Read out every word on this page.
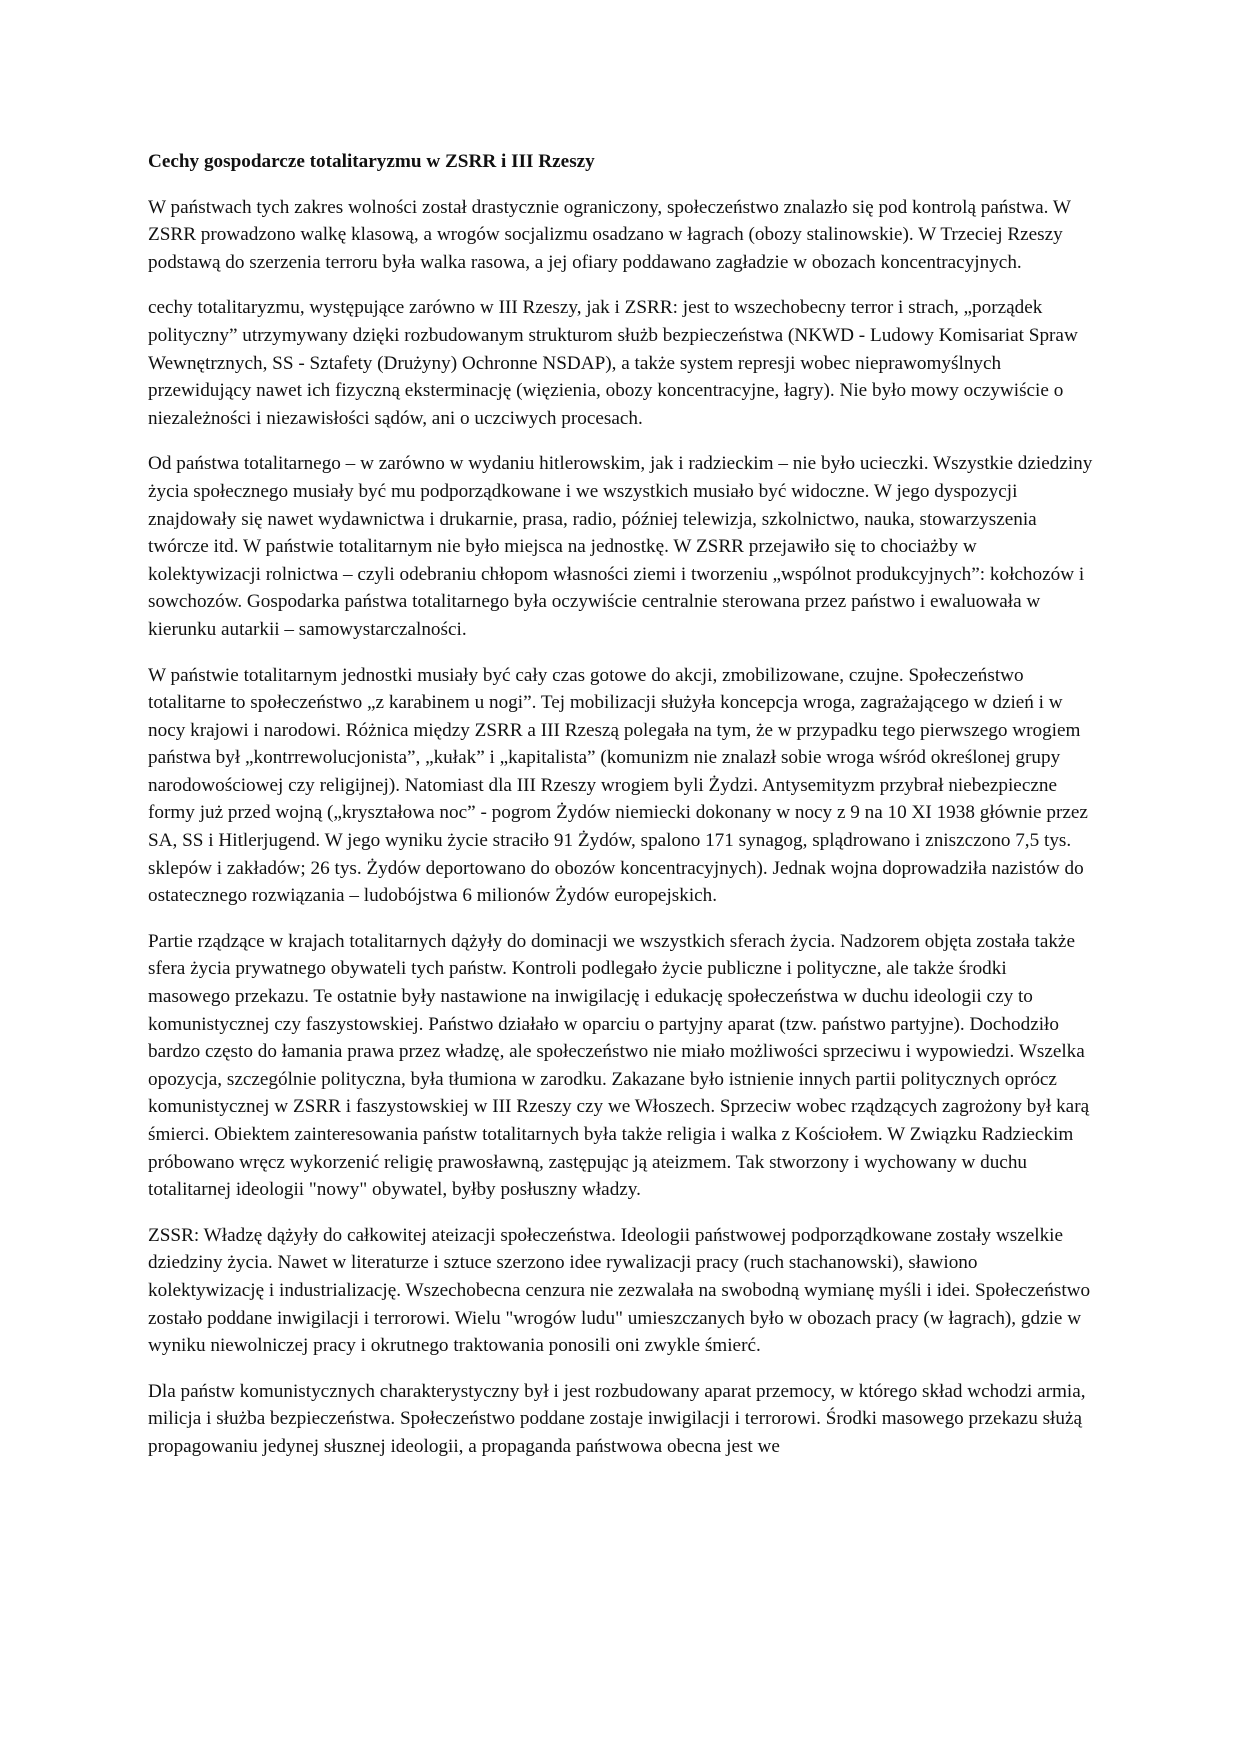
Cechy gospodarcze totalitaryzmu w ZSRR i III Rzeszy

W państwach tych zakres wolności został drastycznie ograniczony, społeczeństwo znalazło się pod kontrolą państwa. W ZSRR prowadzono walkę klasową, a wrogów socjalizmu osadzano w łagrach (obozy stalinowskie). W Trzeciej Rzeszy podstawą do szerzenia terroru była walka rasowa, a jej ofiary poddawano zagładzie w obozach koncentracyjnych.

cechy totalitaryzmu, występujące zarówno w III Rzeszy, jak i ZSRR: jest to wszechobecny terror i strach, „porządek polityczny” utrzymywany dzięki rozbudowanym strukturom służb bezpieczeństwa (NKWD - Ludowy Komisariat Spraw Wewnętrznych, SS - Sztafety (Drużyny) Ochronne NSDAP), a także system represji wobec nieprawomyślnych przewidujący nawet ich fizyczną eksterminację (więzienia, obozy koncentracyjne, łagry). Nie było mowy oczywiście o niezależności i niezawisłości sądów, ani o uczciwych procesach.

Od państwa totalitarnego – w zarówno w wydaniu hitlerowskim, jak i radzieckim – nie było ucieczki. Wszystkie dziedziny życia społecznego musiały być mu podporządkowane i we wszystkich musiało być widoczne. W jego dyspozycji znajdowały się nawet wydawnictwa i drukarnie, prasa, radio, później telewizja, szkolnictwo, nauka, stowarzyszenia twórcze itd. W państwie totalitarnym nie było miejsca na jednostkę. W ZSRR przejawiło się to chociażby w kolektywizacji rolnictwa – czyli odebraniu chłopom własności ziemi i tworzeniu „wspólnot produkcyjnych”: kołchozów i sowchozów. Gospodarka państwa totalitarnego była oczywiście centralnie sterowana przez państwo i ewaluowała w kierunku autarkii – samowystarczalności.

W państwie totalitarnym jednostki musiały być cały czas gotowe do akcji, zmobilizowane, czujne. Społeczeństwo totalitarne to społeczeństwo „z karabinem u nogi”. Tej mobilizacji służyła koncepcja wroga, zagrażającego w dzień i w nocy krajowi i narodowi. Różnica między ZSRR a III Rzeszą polegała na tym, że w przypadku tego pierwszego wrogiem państwa był „kontrrewolucjonista”, „kułak” i „kapitalista” (komunizm nie znalazł sobie wroga wśród określonej grupy narodowościowej czy religijnej). Natomiast dla III Rzeszy wrogiem byli Żydzi. Antysemityzm przybrał niebezpieczne formy już przed wojną („kryształowa noc” - pogrom Żydów niemiecki dokonany w nocy z 9 na 10 XI 1938 głównie przez SA, SS i Hitlerjugend. W jego wyniku życie straciło 91 Żydów, spalono 171 synagog, splądrowano i zniszczono 7,5 tys. sklepów i zakładów; 26 tys. Żydów deportowano do obozów koncentracyjnych). Jednak wojna doprowadziła nazistów do ostatecznego rozwiązania – ludobójstwa 6 milionów Żydów europejskich.

Partie rządzące w krajach totalitarnych dążyły do dominacji we wszystkich sferach życia. Nadzorem objęta została także sfera życia prywatnego obywateli tych państw. Kontroli podlegało życie publiczne i polityczne, ale także środki masowego przekazu. Te ostatnie były nastawione na inwigilację i edukację społeczeństwa w duchu ideologii czy to komunistycznej czy faszystowskiej. Państwo działało w oparciu o partyjny aparat (tzw. państwo partyjne). Dochodziło bardzo często do łamania prawa przez władzę, ale społeczeństwo nie miało możliwości sprzeciwu i wypowiedzi. Wszelka opozycja, szczególnie polityczna, była tłumiona w zarodku. Zakazane było istnienie innych partii politycznych oprócz komunistycznej w ZSRR i faszystowskiej w III Rzeszy czy we Włoszech. Sprzeciw wobec rządzących zagrożony był karą śmierci. Obiektem zainteresowania państw totalitarnych była także religia i walka z Kościołem. W Związku Radzieckim próbowano wręcz wykorzenić religię prawosławną, zastępując ją ateizmem. Tak stworzony i wychowany w duchu totalitarnej ideologii "nowy" obywatel, byłby posłuszny władzy.

ZSSR: Władzę dążyły do całkowitej ateizacji społeczeństwa. Ideologii państwowej podporządkowane zostały wszelkie dziedziny życia. Nawet w literaturze i sztuce szerzono idee rywalizacji pracy (ruch stachanowski), sławiono kolektywizację i industrializację. Wszechobecna cenzura nie zezwalała na swobodną wymianę myśli i idei. Społeczeństwo zostało poddane inwigilacji i terrorowi. Wielu "wrogów ludu" umieszczanych było w obozach pracy (w łagrach), gdzie w wyniku niewolniczej pracy i okrutnego traktowania ponosili oni zwykle śmierć.

Dla państw komunistycznych charakterystyczny był i jest rozbudowany aparat przemocy, w którego skład wchodzi armia, milicja i służba bezpieczeństwa. Społeczeństwo poddane zostaje inwigilacji i terrorowi. Środki masowego przekazu służą propagowaniu jedynej słusznej ideologii, a propaganda państwowa obecna jest we
